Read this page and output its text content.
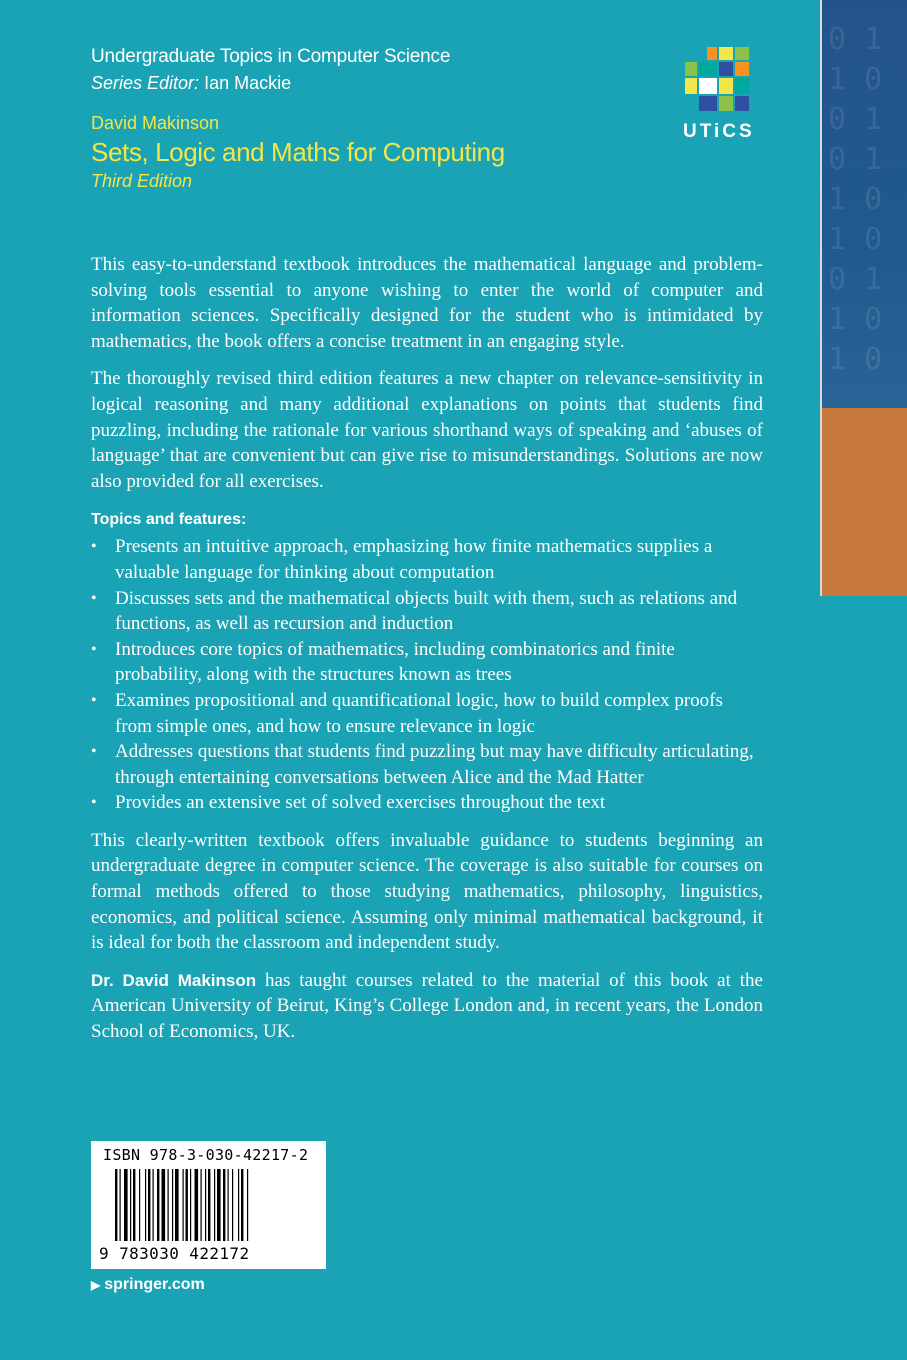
0 1 1 0 0 1 0 1 1 0 1 0 0 1 1 0 1 0
Undergraduate Topics in Computer Science
Series Editor: Ian Mackie
David Makinson
Sets, Logic and Maths for Computing
Third Edition
UTiCS

This easy-to-understand textbook introduces the mathematical language and problem-solving tools essential to anyone wishing to enter the world of computer and information sciences. Specifically designed for the student who is intimidated by mathematics, the book offers a concise treatment in an engaging style.

The thoroughly revised third edition features a new chapter on relevance-sensitivity in logical reasoning and many additional explanations on points that students find puzzling, including the rationale for various shorthand ways of speaking and ‘abuses of language’ that are convenient but can give rise to misunderstandings. Solutions are now also provided for all exercises.

Topics and features:
• Presents an intuitive approach, emphasizing how finite mathematics supplies a valuable language for thinking about computation
• Discusses sets and the mathematical objects built with them, such as relations and functions, as well as recursion and induction
• Introduces core topics of mathematics, including combinatorics and finite probability, along with the structures known as trees
• Examines propositional and quantificational logic, how to build complex proofs from simple ones, and how to ensure relevance in logic
• Addresses questions that students find puzzling but may have difficulty articulating, through entertaining conversations between Alice and the Mad Hatter
• Provides an extensive set of solved exercises throughout the text

This clearly-written textbook offers invaluable guidance to students beginning an undergraduate degree in computer science. The coverage is also suitable for courses on formal methods offered to those studying mathematics, philosophy, linguistics, economics, and political science. Assuming only minimal mathematical background, it is ideal for both the classroom and independent study.

Dr. David Makinson has taught courses related to the material of this book at the American University of Beirut, King’s College London and, in recent years, the London School of Economics, UK.

ISBN 978-3-030-42217-2
9 783030 422172
▶ springer.com
